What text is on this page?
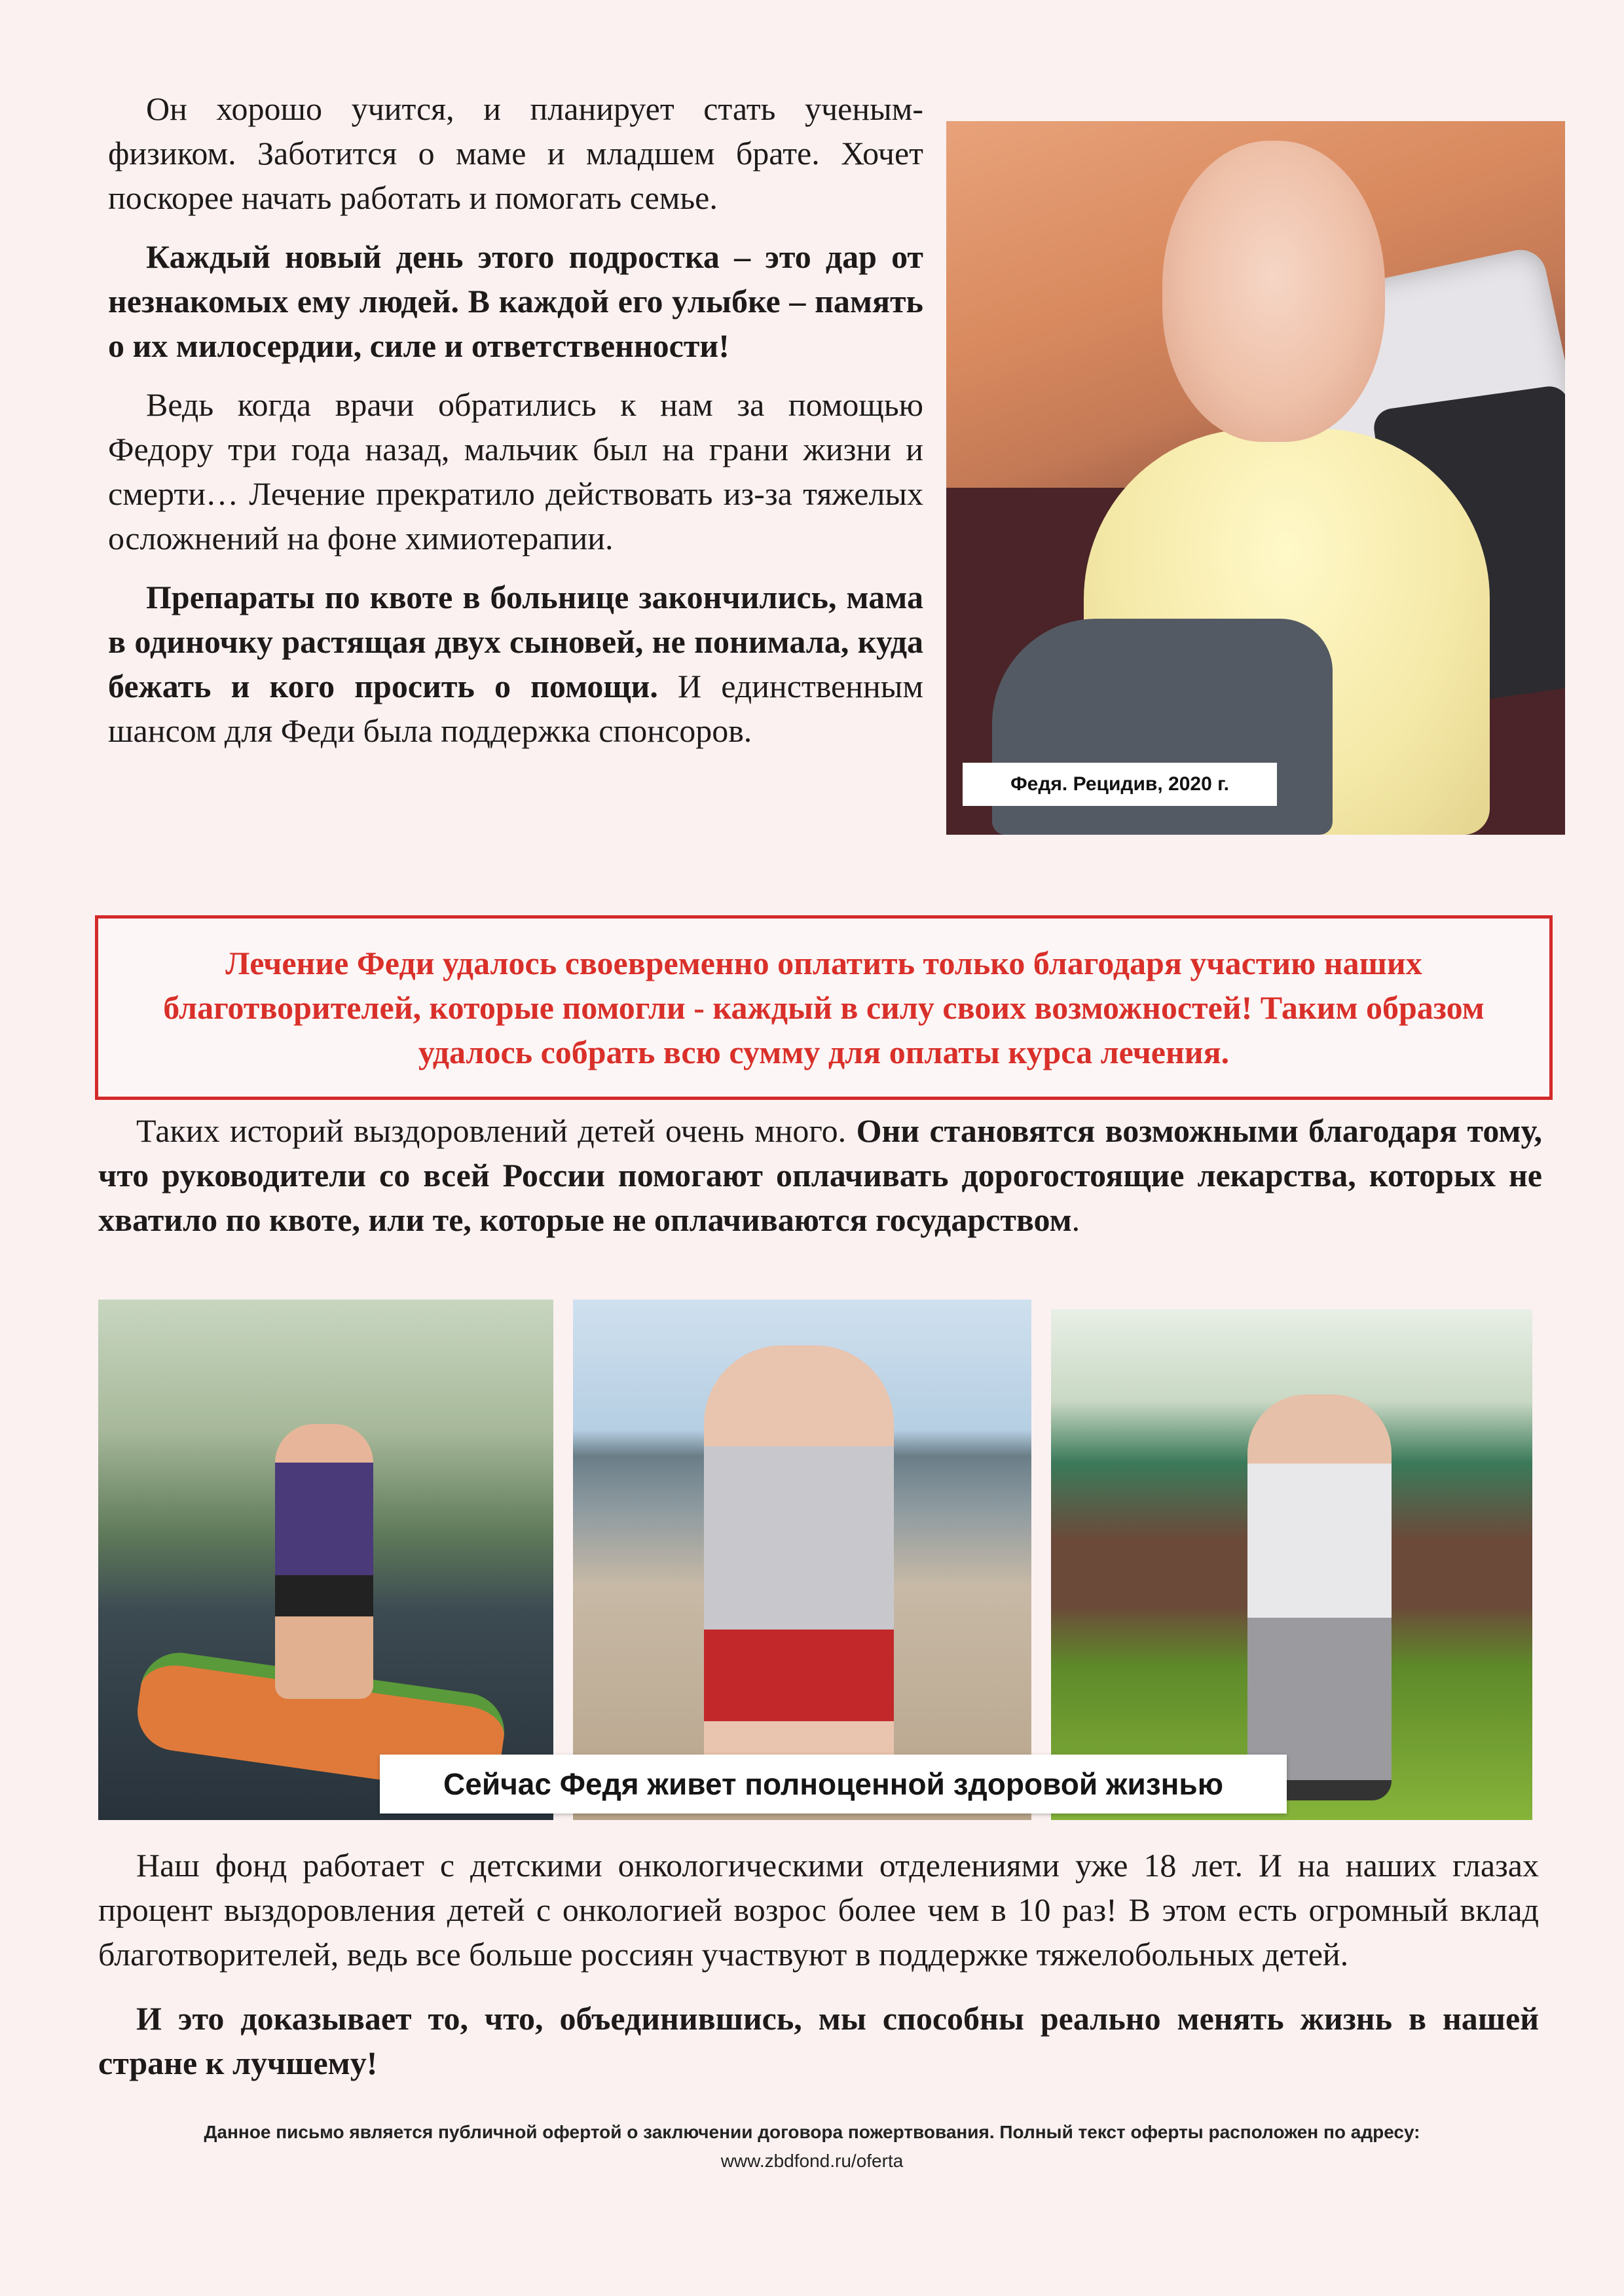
Он хорошо учится, и планирует стать ученым-физиком. Заботится о маме и младшем брате. Хочет поскорее начать работать и помогать семье.

Каждый новый день этого подростка – это дар от незнакомых ему людей. В каждой его улыбке – память о их милосердии, силе и ответственности!

Ведь когда врачи обратились к нам за помощью Федору три года назад, мальчик был на грани жизни и смерти… Лечение прекратило действовать из-за тяжелых осложнений на фоне химиотерапии.

Препараты по квоте в больнице закончились, мама в одиночку растящая двух сыновей, не понимала, куда бежать и кого просить о помощи. И единственным шансом для Феди была поддержка спонсоров.

Федя. Рецидив, 2020 г.

Лечение Феди удалось своевременно оплатить только благодаря участию наших благотворителей, которые помогли - каждый в силу своих возможностей! Таким образом удалось собрать всю сумму для оплаты курса лечения.

Таких историй выздоровлений детей очень много. Они становятся возможными благодаря тому, что руководители со всей России помогают оплачивать дорогостоящие лекарства, которых не хватило по квоте, или те, которые не оплачиваются государством.

Сейчас Федя живет полноценной здоровой жизнью

Наш фонд работает с детскими онкологическими отделениями уже 18 лет. И на наших глазах процент выздоровления детей с онкологией возрос более чем в 10 раз! В этом есть огромный вклад благотворителей, ведь все больше россиян участвуют в поддержке тяжелобольных детей.

И это доказывает то, что, объединившись, мы способны реально менять жизнь в нашей стране к лучшему!

Данное письмо является публичной офертой о заключении договора пожертвования. Полный текст оферты расположен по адресу:
www.zbdfond.ru/oferta
